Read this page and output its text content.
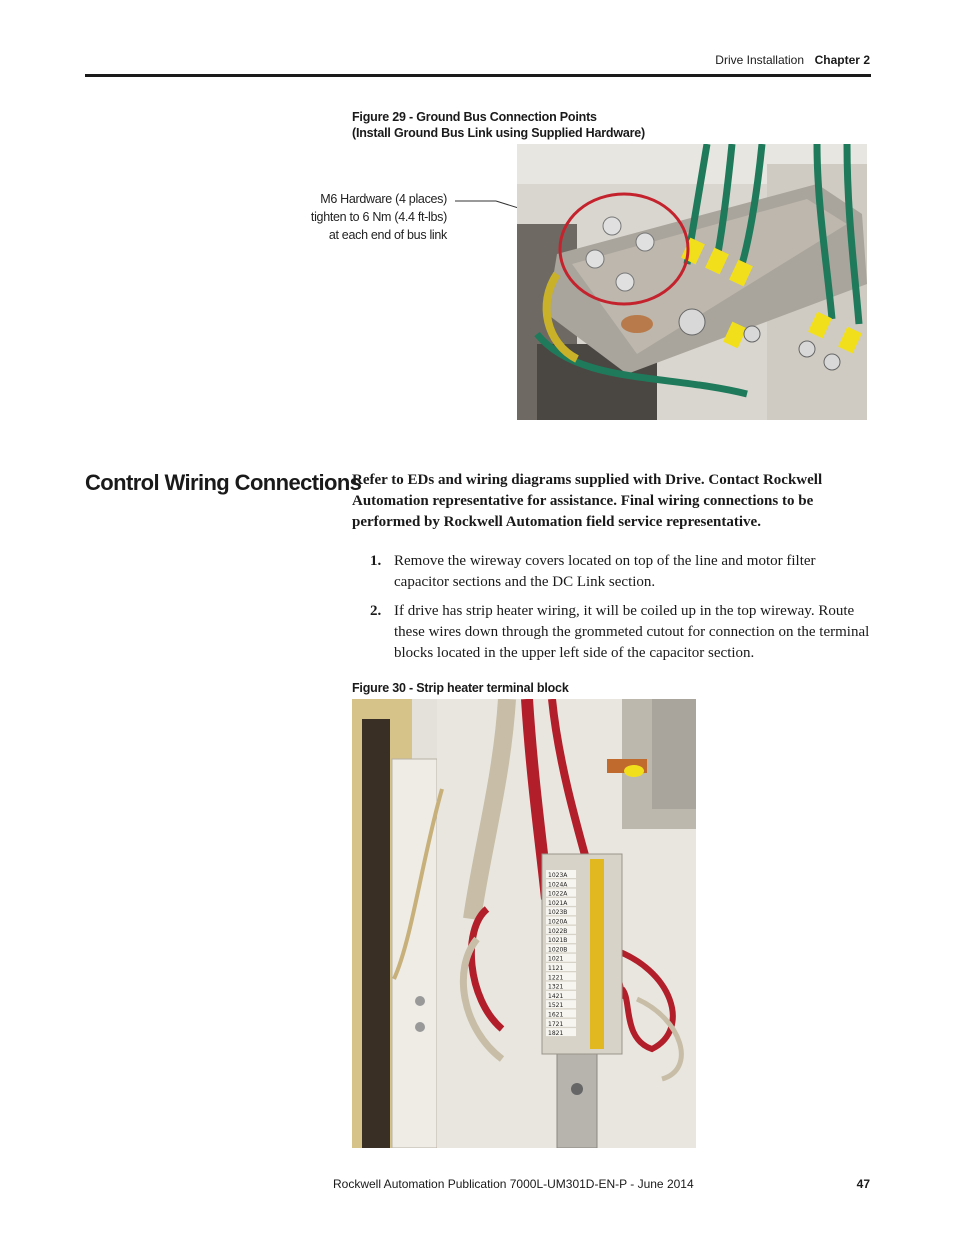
Drive Installation Chapter 2
Figure 29 - Ground Bus Connection Points
(Install Ground Bus Link using Supplied Hardware)
M6 Hardware (4 places)
tighten to 6 Nm (4.4 ft-lbs)
at each end of bus link
Control Wiring Connections
Refer to EDs and wiring diagrams supplied with Drive. Contact Rockwell Automation representative for assistance. Final wiring connections to be performed by Rockwell Automation field service representative.
1. Remove the wireway covers located on top of the line and motor filter capacitor sections and the DC Link section.
2. If drive has strip heater wiring, it will be coiled up in the top wireway. Route these wires down through the grommeted cutout for connection on the terminal blocks located in the upper left side of the capacitor section.
Figure 30 - Strip heater terminal block
1023A
1024A
1022A
1021A
1023B
1020A
1022B
1021B
1020B
1021
1121
1221
1321
1421
1521
1621
1721
1821
Rockwell Automation Publication 7000L-UM301D-EN-P - June 2014	47
